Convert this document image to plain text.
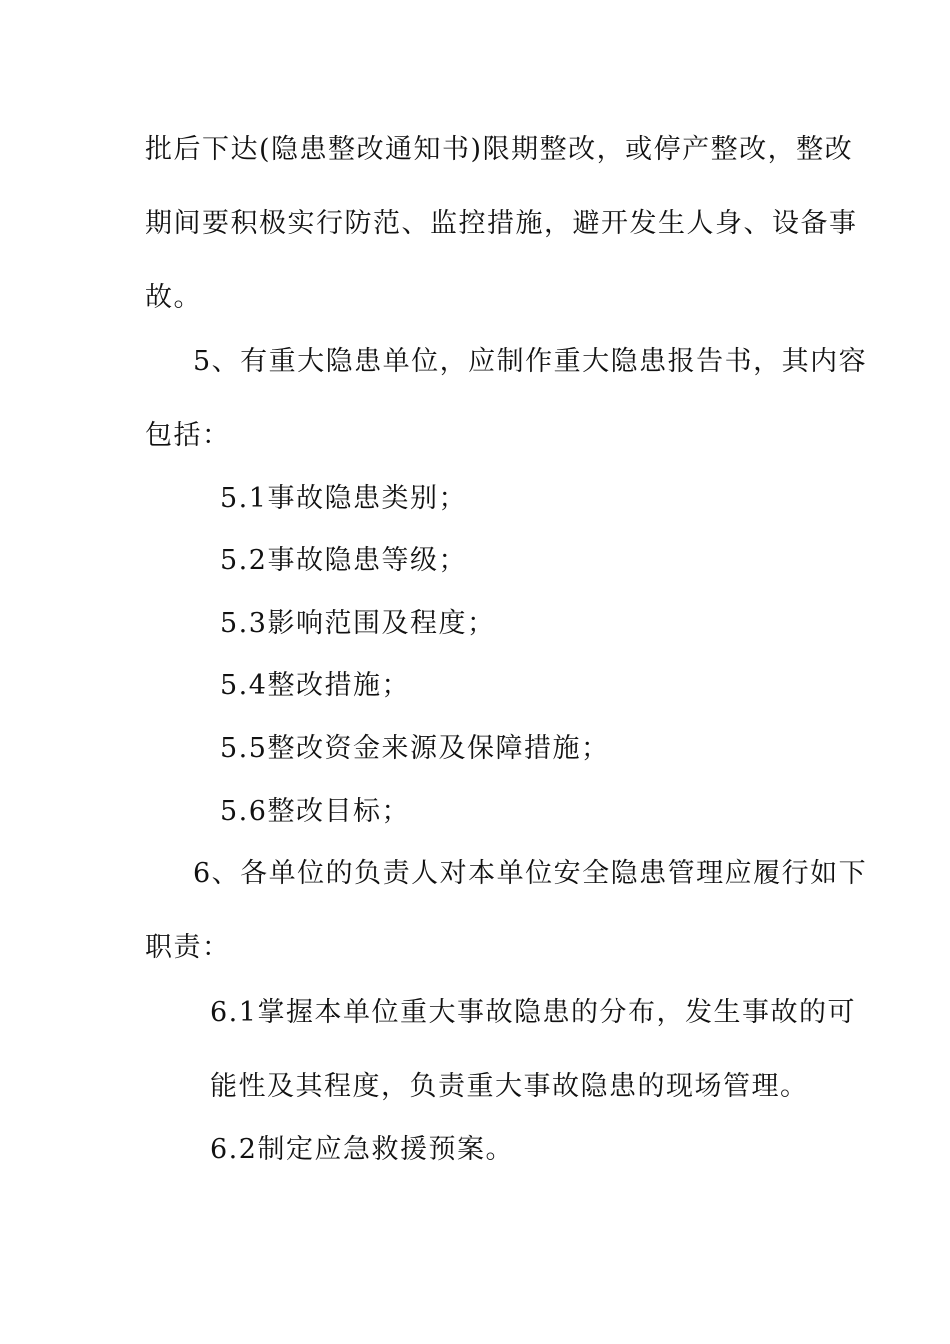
批后下达(隐患整改通知书)限期整改，或停产整改，整改
期间要积极实行防范、监控措施，避开发生人身、设备事
故。
5、有重大隐患单位，应制作重大隐患报告书，其内容
包括：
5.1事故隐患类别；
5.2事故隐患等级；
5.3影响范围及程度；
5.4整改措施；
5.5整改资金来源及保障措施；
5.6整改目标；
6、各单位的负责人对本单位安全隐患管理应履行如下
职责：
6.1掌握本单位重大事故隐患的分布，发生事故的可
能性及其程度，负责重大事故隐患的现场管理。
6.2制定应急救援预案。
